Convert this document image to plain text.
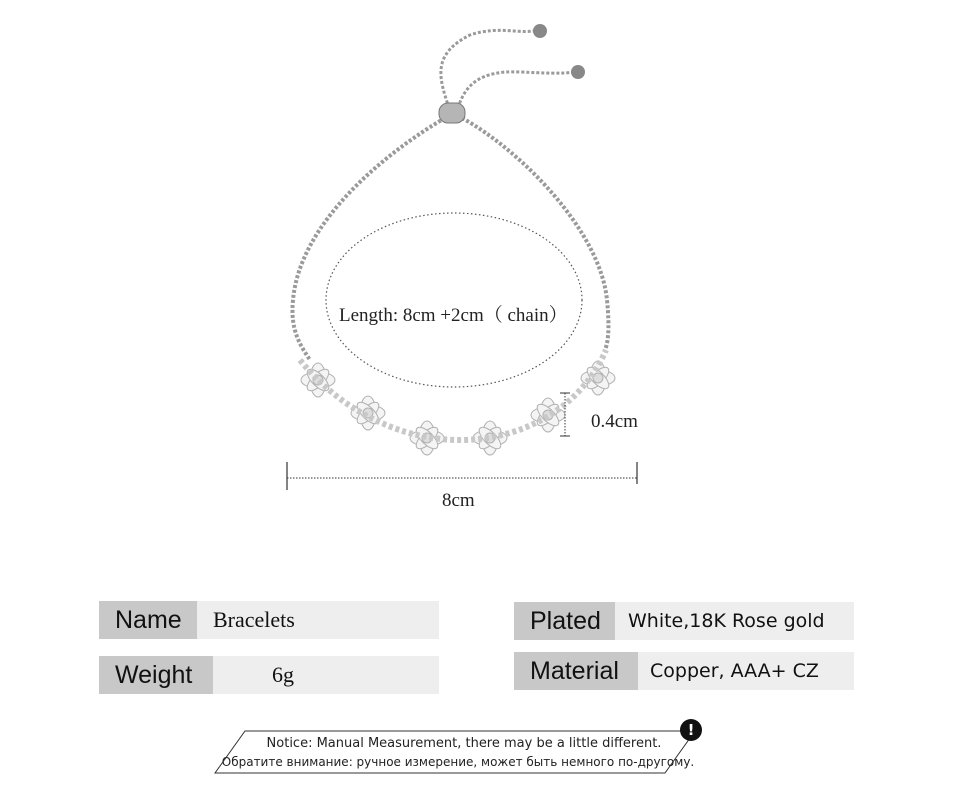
Length: 8cm +2cm（ chain）
0.4cm
8cm
Name	Bracelets
Weight	6g
Plated	White,18K Rose gold
Material	Copper, AAA+ CZ
Notice: Manual Measurement, there may be a little different.
Обратите внимание: ручное измерение, может быть немного по-другому.
!
